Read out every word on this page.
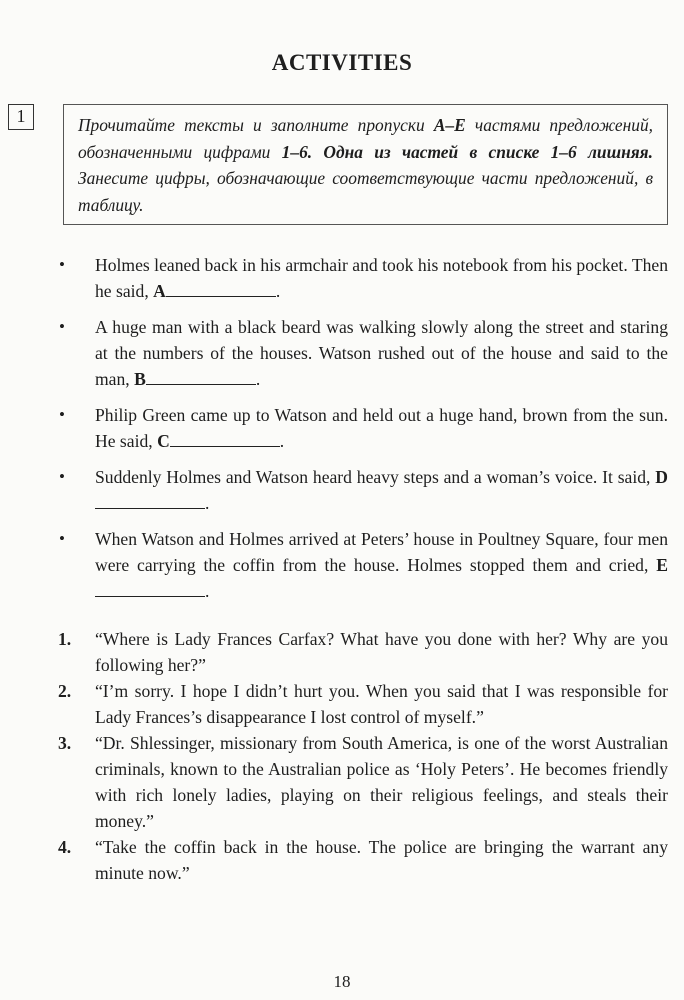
ACTIVITIES
1	Прочитайте тексты и заполните пропуски A–E частями предложений, обозначенными цифрами 1–6. Одна из частей в списке 1–6 лишняя. Занесите цифры, обозначающие соответствующие части предложений, в таблицу.
• Holmes leaned back in his armchair and took his notebook from his pocket. Then he said, A	.
• A huge man with a black beard was walking slowly along the street and staring at the numbers of the houses. Watson rushed out of the house and said to the man, B	.
• Philip Green came up to Watson and held out a huge hand, brown from the sun. He said, C	.
• Suddenly Holmes and Watson heard heavy steps and a woman’s voice. It said, D.
• When Watson and Holmes arrived at Peters’ house in Poultney Square, four men were carrying the coffin from the house. Holmes stopped them and cried, E.
1. “Where is Lady Frances Carfax? What have you done with her? Why are you following her?”
2. “I’m sorry. I hope I didn’t hurt you. When you said that I was responsible for Lady Frances’s disappearance I lost control of myself.”
3. “Dr. Shlessinger, missionary from South America, is one of the worst Australian criminals, known to the Australian police as ‘Holy Peters’. He becomes friendly with rich lonely ladies, playing on their religious feelings, and steals their money.”
4. “Take the coffin back in the house. The police are bringing the warrant any minute now.”
18
